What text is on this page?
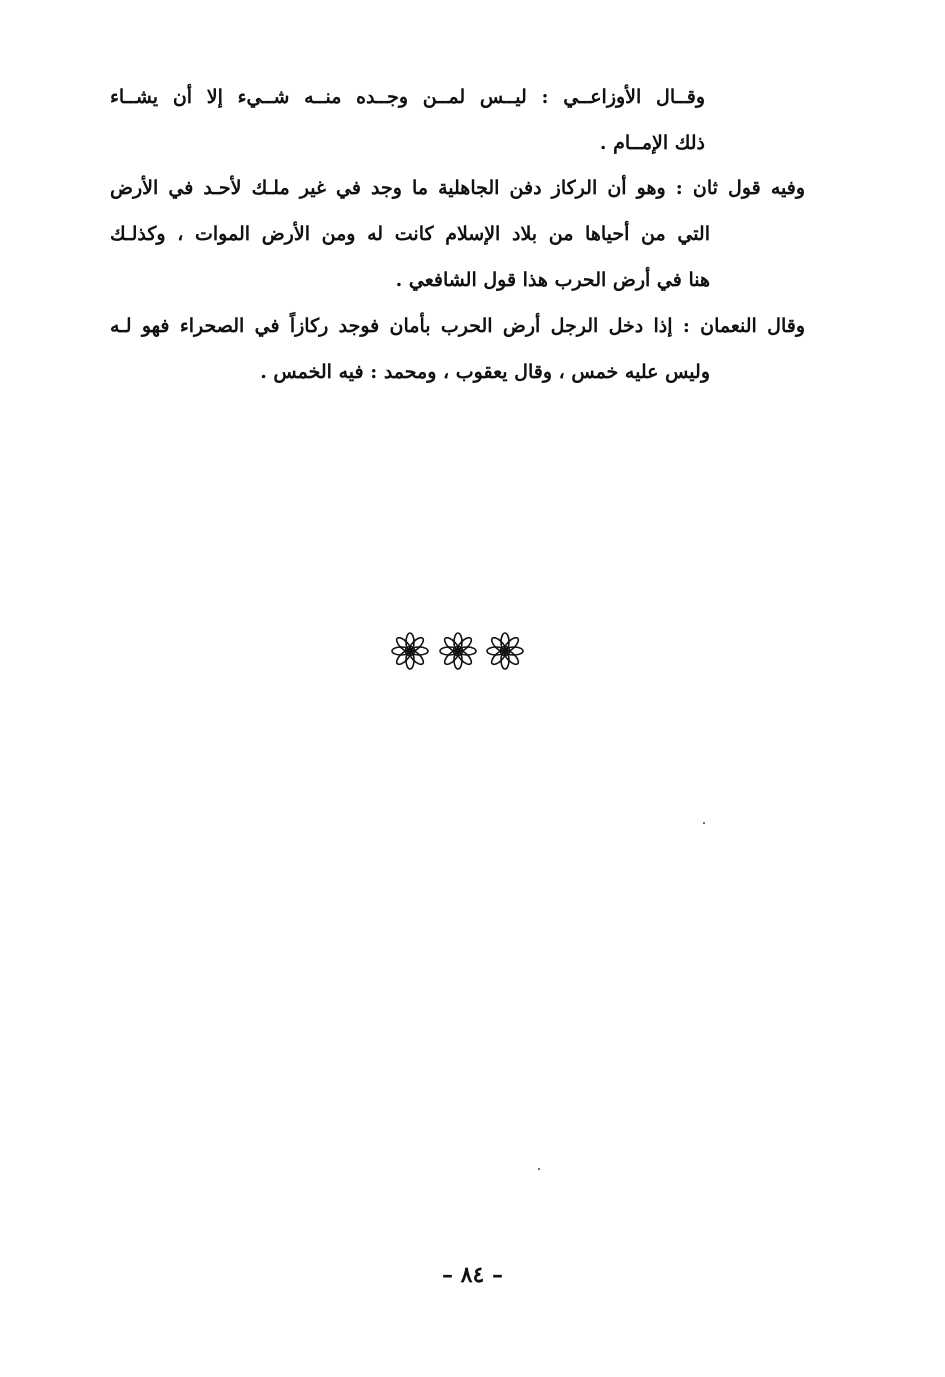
وقــال الأوزاعــي : ليــس لمــن وجــده منــه شــيء إلا أن يشــاء
ذلك الإمــام .
وفيه قول ثان : وهو أن الركاز دفن الجاهلية ما وجد في غير ملـك لأحـد في الأرض
التي من أحياها من بلاد الإسلام كانت له ومن الأرض الموات ، وكذلـك
هنا في أرض الحرب هذا قول الشافعي .
وقال النعمان : إذا دخل الرجل أرض الحرب بأمان فوجد ركازاً في الصحراء فهو لـه
وليس عليه خمس ، وقال يعقوب ، ومحمد : فيه الخمس .
– ٨٤ –
